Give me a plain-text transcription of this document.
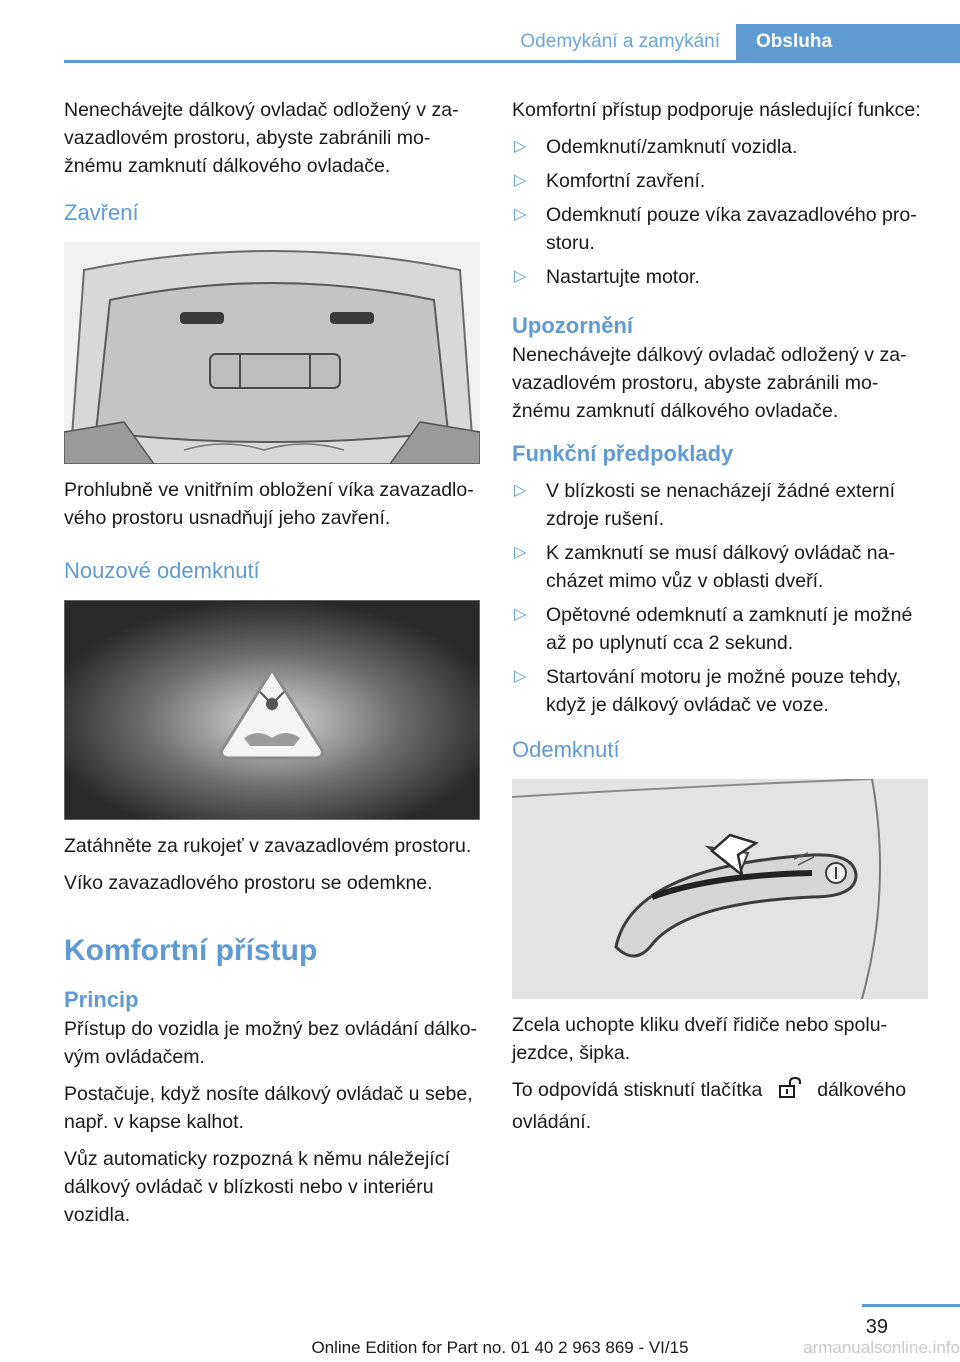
Odemykání a zamykání	Obsluha

Nenechávejte dálkový ovladač odložený v zavazadlovém prostoru, abyste zabránili možnému zamknutí dálkového ovladače.

Zavření

Prohlubně ve vnitřním obložení víka zavazadlového prostoru usnadňují jeho zavření.

Nouzové odemknutí

Zatáhněte za rukojeť v zavazadlovém prostoru.

Víko zavazadlového prostoru se odemkne.

Komfortní přístup
Princip

Přístup do vozidla je možný bez ovládání dálkovým ovládačem.

Postačuje, když nosíte dálkový ovládač u sebe, např. v kapse kalhot.

Vůz automaticky rozpozná k němu náležející dálkový ovládač v blízkosti nebo v interiéru vozidla.

Komfortní přístup podporuje následující funkce:

▷ Odemknutí/zamknutí vozidla.
▷ Komfortní zavření.
▷ Odemknutí pouze víka zavazadlového prostoru.
▷ Nastartujte motor.
Upozornění

Nenechávejte dálkový ovladač odložený v zavazadlovém prostoru, abyste zabránili možnému zamknutí dálkového ovladače.

Funkční předpoklady
▷ V blízkosti se nenacházejí žádné externí zdroje rušení.
▷ K zamknutí se musí dálkový ovládač nacházet mimo vůz v oblasti dveří.
▷ Opětovné odemknutí a zamknutí je možné až po uplynutí cca 2 sekund.
▷ Startování motoru je možné pouze tehdy, když je dálkový ovládač ve voze.
Odemknutí

Zcela uchopte kliku dveří řidiče nebo spolujezdce, šipka.

To odpovídá stisknutí tlačítka	dálkového ovládání.

39
Online Edition for Part no. 01 40 2 963 869 - VI/15	armanualsonline.info
